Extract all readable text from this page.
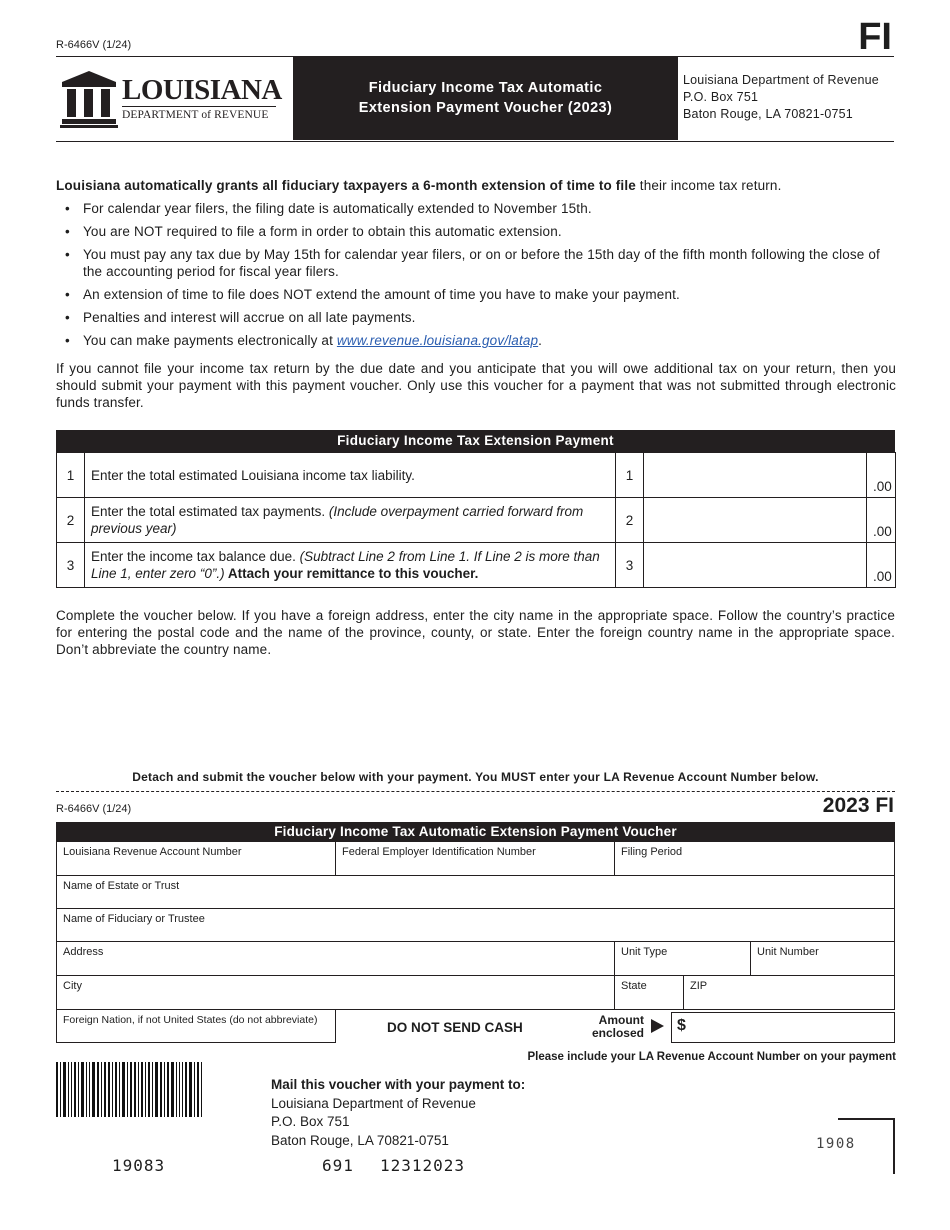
R-6466V (1/24)	FI
LOUISIANA
DEPARTMENT of REVENUE
Fiduciary Income Tax Automatic
Extension Payment Voucher (2023)
Louisiana Department of Revenue
P.O. Box 751
Baton Rouge, LA 70821-0751
Louisiana automatically grants all fiduciary taxpayers a 6-month extension of time to file their income tax return.
• For calendar year filers, the filing date is automatically extended to November 15th.
• You are NOT required to file a form in order to obtain this automatic extension.
• You must pay any tax due by May 15th for calendar year filers, or on or before the 15th day of the fifth month following the close of the accounting period for fiscal year filers.
• An extension of time to file does NOT extend the amount of time you have to make your payment.
• Penalties and interest will accrue on all late payments.
• You can make payments electronically at www.revenue.louisiana.gov/latap.
If you cannot file your income tax return by the due date and you anticipate that you will owe additional tax on your return, then you should submit your payment with this payment voucher. Only use this voucher for a payment that was not submitted through electronic funds transfer.
Fiduciary Income Tax Extension Payment
1	Enter the total estimated Louisiana income tax liability.	1		.00
2	Enter the total estimated tax payments. (Include overpayment carried forward from previous year)	2		.00
3	Enter the income tax balance due. (Subtract Line 2 from Line 1. If Line 2 is more than Line 1, enter zero “0”.) Attach your remittance to this voucher.	3		.00
Complete the voucher below. If you have a foreign address, enter the city name in the appropriate space. Follow the country’s practice for entering the postal code and the name of the province, county, or state. Enter the foreign country name in the appropriate space. Don’t abbreviate the country name.
Detach and submit the voucher below with your payment. You MUST enter your LA Revenue Account Number below.
R-6466V (1/24)	2023 FI
Fiduciary Income Tax Automatic Extension Payment Voucher
Louisiana Revenue Account Number	Federal Employer Identification Number	Filing Period
Name of Estate or Trust
Name of Fiduciary or Trustee
Address	Unit Type	Unit Number
City	State	ZIP
Foreign Nation, if not United States (do not abbreviate)	DO NOT SEND CASH	Amount
enclosed	$
Please include your LA Revenue Account Number on your payment
Mail this voucher with your payment to:
Louisiana Department of Revenue
P.O. Box 751
Baton Rouge, LA 70821-0751	1908
19083	691 12312023
